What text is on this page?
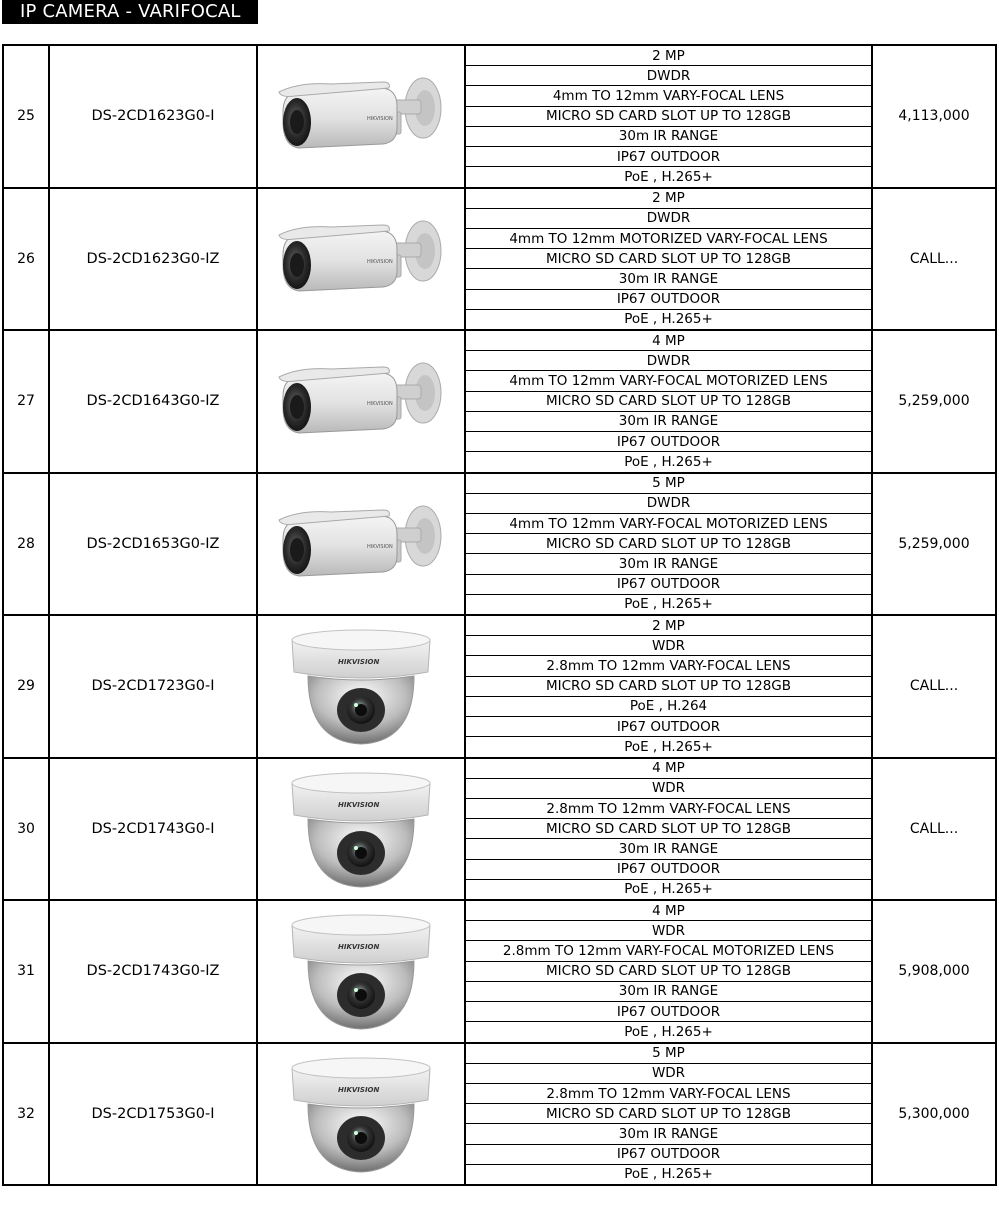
IP CAMERA - VARIFOCAL
25	DS-2CD1623G0-I	HIKVISION
2 MP
DWDR
4mm TO 12mm VARY-FOCAL LENS
MICRO SD CARD SLOT UP TO 128GB
30m IR RANGE
IP67 OUTDOOR
PoE , H.265+
4,113,000
26	DS-2CD1623G0-IZ	HIKVISION
2 MP
DWDR
4mm TO 12mm MOTORIZED VARY-FOCAL LENS
MICRO SD CARD SLOT UP TO 128GB
30m IR RANGE
IP67 OUTDOOR
PoE , H.265+
CALL...
27	DS-2CD1643G0-IZ	HIKVISION
4 MP
DWDR
4mm TO 12mm VARY-FOCAL MOTORIZED LENS
MICRO SD CARD SLOT UP TO 128GB
30m IR RANGE
IP67 OUTDOOR
PoE , H.265+
5,259,000
28	DS-2CD1653G0-IZ	HIKVISION
5 MP
DWDR
4mm TO 12mm VARY-FOCAL MOTORIZED LENS
MICRO SD CARD SLOT UP TO 128GB
30m IR RANGE
IP67 OUTDOOR
PoE , H.265+
5,259,000
29	DS-2CD1723G0-I
HIKVISION
2 MP
WDR
2.8mm TO 12mm VARY-FOCAL LENS
MICRO SD CARD SLOT UP TO 128GB
PoE , H.264
IP67 OUTDOOR
PoE , H.265+
CALL...
30	DS-2CD1743G0-I
HIKVISION
4 MP
WDR
2.8mm TO 12mm VARY-FOCAL LENS
MICRO SD CARD SLOT UP TO 128GB
30m IR RANGE
IP67 OUTDOOR
PoE , H.265+
CALL...
31	DS-2CD1743G0-IZ
HIKVISION
4 MP
WDR
2.8mm TO 12mm VARY-FOCAL MOTORIZED LENS
MICRO SD CARD SLOT UP TO 128GB
30m IR RANGE
IP67 OUTDOOR
PoE , H.265+
5,908,000
32	DS-2CD1753G0-I
HIKVISION
5 MP
WDR
2.8mm TO 12mm VARY-FOCAL LENS
MICRO SD CARD SLOT UP TO 128GB
30m IR RANGE
IP67 OUTDOOR
PoE , H.265+
5,300,000
